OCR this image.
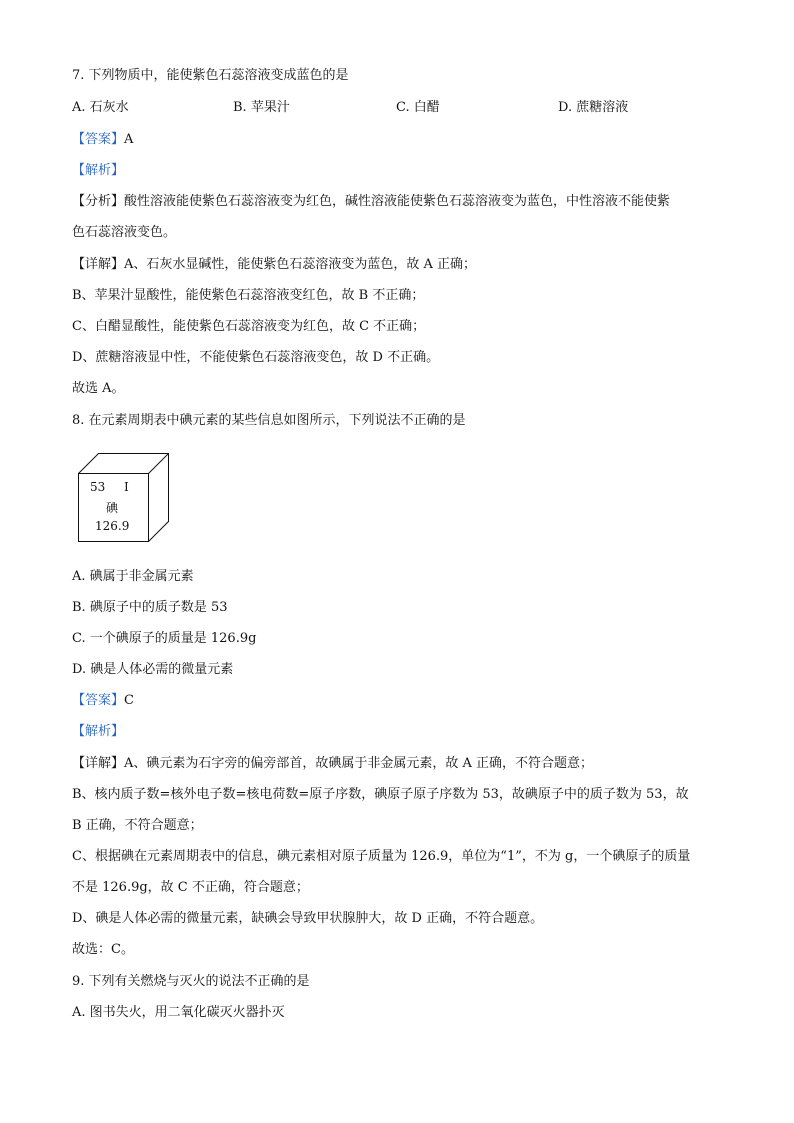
7. 下列物质中，能使紫色石蕊溶液变成蓝色的是
A. 石灰水	B. 苹果汁	C. 白醋	D. 蔗糖溶液
【答案】A
【解析】
【分析】酸性溶液能使紫色石蕊溶液变为红色，碱性溶液能使紫色石蕊溶液变为蓝色，中性溶液不能使紫
色石蕊溶液变色。
【详解】A、石灰水显碱性，能使紫色石蕊溶液变为蓝色，故 A 正确；
B、苹果汁显酸性，能使紫色石蕊溶液变红色，故 B 不正确；
C、白醋显酸性，能使紫色石蕊溶液变为红色，故 C 不正确；
D、蔗糖溶液显中性，不能使紫色石蕊溶液变色，故 D 不正确。
故选 A。
8. 在元素周期表中碘元素的某些信息如图所示，下列说法不正确的是
53 I
碘
126.9
A. 碘属于非金属元素
B. 碘原子中的质子数是 53
C. 一个碘原子的质量是 126.9g
D. 碘是人体必需的微量元素
【答案】C
【解析】
【详解】A、碘元素为石字旁的偏旁部首，故碘属于非金属元素，故 A 正确，不符合题意；
B、核内质子数=核外电子数=核电荷数=原子序数，碘原子原子序数为 53，故碘原子中的质子数为 53，故
B 正确，不符合题意；
C、根据碘在元素周期表中的信息，碘元素相对原子质量为 126.9，单位为“1”，不为 g，一个碘原子的质量
不是 126.9g，故 C 不正确，符合题意；
D、碘是人体必需的微量元素，缺碘会导致甲状腺肿大，故 D 正确，不符合题意。
故选：C。
9. 下列有关燃烧与灭火的说法不正确的是
A. 图书失火，用二氧化碳灭火器扑灭
